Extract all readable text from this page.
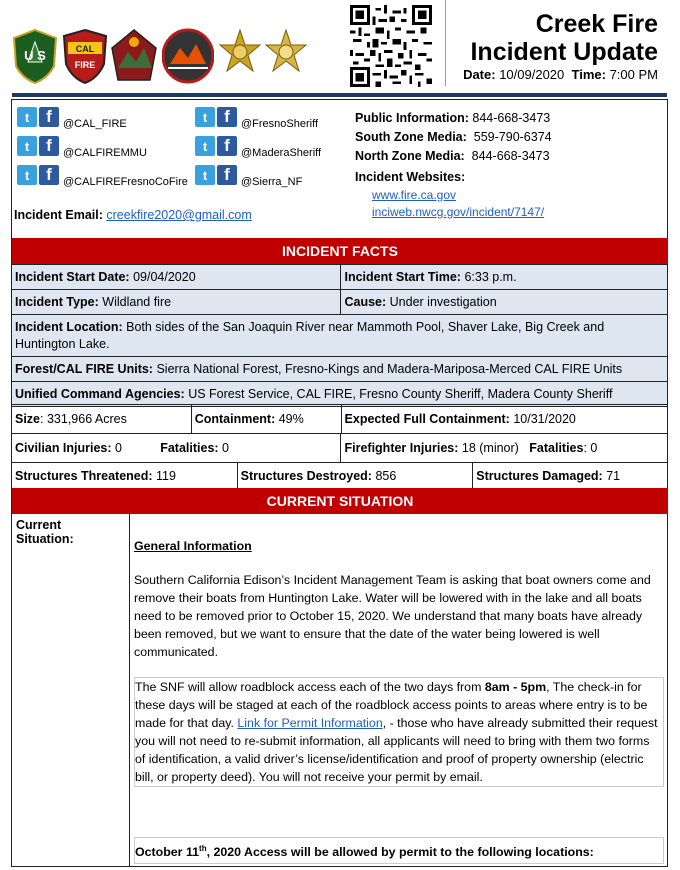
U S	CAL
FIRE
Creek Fire
Incident Update
Date: 10/09/2020 Time: 7:00 PM
t f	@CAL_FIRE
t f	@CALFIREMMU
t f	@CALFIREFresnoCoFire
t f	@FresnoSheriff
t f	@MaderaSheriff
t f	@Sierra_NF
Incident Email: creekfire2020@gmail.com
Public Information: 844-668-3473
South Zone Media: 559-790-6374
North Zone Media: 844-668-3473
Incident Websites:
www.fire.ca.gov
inciweb.nwcg.gov/incident/7147/
INCIDENT FACTS
Incident Start Date: 09/04/2020	Incident Start Time: 6:33 p.m.
Incident Type: Wildland fire	Cause: Under investigation
Incident Location: Both sides of the San Joaquin River near Mammoth Pool, Shaver Lake, Big Creek and Huntington Lake.	
Forest/CAL FIRE Units: Sierra National Forest, Fresno-Kings and Madera-Mariposa-Merced CAL FIRE Units	
Unified Command Agencies: US Forest Service, CAL FIRE, Fresno County Sheriff, Madera County Sheriff	
Size: 331,966 Acres	Containment: 49%	Expected Full Containment: 10/31/2020
Civilian Injuries: 0	Fatalities: 0	Firefighter Injuries: 18 (minor) Fatalities: 0
Structures Threatened: 119	Structures Destroyed: 856	Structures Damaged: 71
CURRENT SITUATION
Current
Situation:	General Information
Southern California Edison’s Incident Management Team is asking that boat owners come and remove their boats from Huntington Lake. Water will be lowered with in the lake and all boats need to be removed prior to October 15, 2020. We understand that many boats have already been removed, but we want to ensure that the date of the water being lowered is well communicated.
The SNF will allow roadblock access each of the two days from 8am - 5pm, The check-in for these days will be staged at each of the roadblock access points to areas where entry is to be made for that day. Link for Permit Information, - those who have already submitted their request you will not need to re-submit information, all applicants will need to bring with them two forms of identification, a valid driver’s license/identification and proof of property ownership (electric bill, or property deed). You will not receive your permit by email.
October 11th, 2020 Access will be allowed by permit to the following locations:
